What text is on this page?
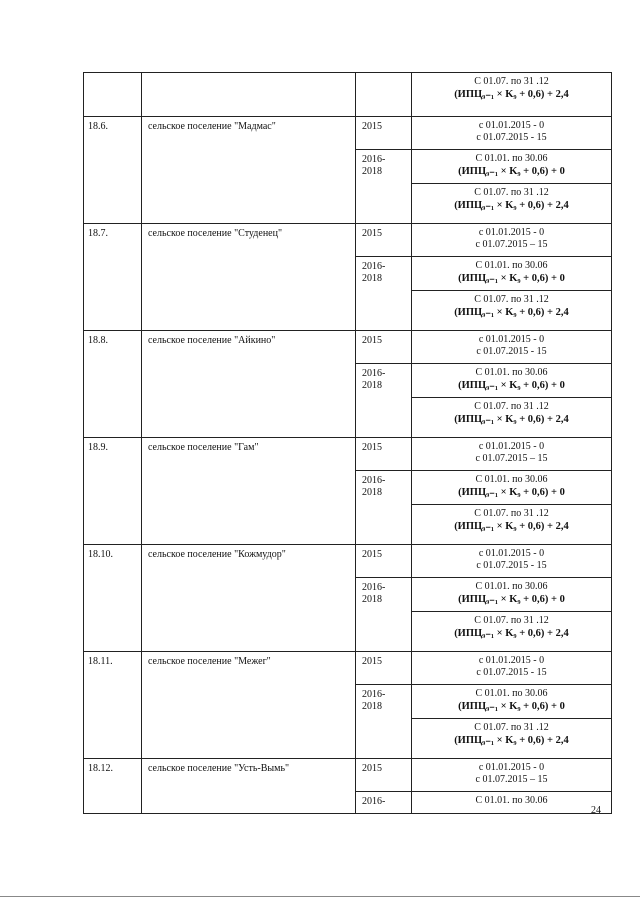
			С 01.07. по 31 .12
(ИПЦ₉₋₁ × K₉ + 0,6) + 2,4

18.6.	сельское поселение "Мадмас"	2015	с 01.01.2015 - 0
с 01.07.2015 - 15

		2016-
2018	С 01.01. по 30.06
(ИПЦ₉₋₁ × K₉ + 0,6) + 0

			С 01.07. по 31 .12
(ИПЦ₉₋₁ × K₉ + 0,6) + 2,4

18.7.	сельское поселение "Студенец"	2015	с 01.01.2015 - 0
с 01.07.2015 – 15

		2016-
2018	С 01.01. по 30.06
(ИПЦ₉₋₁ × K₉ + 0,6) + 0

			С 01.07. по 31 .12
(ИПЦ₉₋₁ × K₉ + 0,6) + 2,4

18.8.	сельское поселение "Айкино"	2015	с 01.01.2015 - 0
с 01.07.2015 - 15

		2016-
2018	С 01.01. по 30.06
(ИПЦ₉₋₁ × K₉ + 0,6) + 0

			С 01.07. по 31 .12
(ИПЦ₉₋₁ × K₉ + 0,6) + 2,4

18.9.	сельское поселение "Гам"	2015	с 01.01.2015 - 0
с 01.07.2015 – 15

		2016-
2018	С 01.01. по 30.06
(ИПЦ₉₋₁ × K₉ + 0,6) + 0

			С 01.07. по 31 .12
(ИПЦ₉₋₁ × K₉ + 0,6) + 2,4

18.10.	сельское поселение "Кожмудор"	2015	с 01.01.2015 - 0
с 01.07.2015 - 15

		2016-
2018	С 01.01. по 30.06
(ИПЦ₉₋₁ × K₉ + 0,6) + 0

			С 01.07. по 31 .12
(ИПЦ₉₋₁ × K₉ + 0,6) + 2,4

18.11.	сельское поселение "Межег"	2015	с 01.01.2015 - 0
с 01.07.2015 - 15

		2016-
2018	С 01.01. по 30.06
(ИПЦ₉₋₁ × K₉ + 0,6) + 0

			С 01.07. по 31 .12
(ИПЦ₉₋₁ × K₉ + 0,6) + 2,4

18.12.	сельское поселение "Усть-Вымь"	2015	с 01.01.2015 - 0
с 01.07.2015 – 15

		2016-	С 01.01. по 30.06
24
